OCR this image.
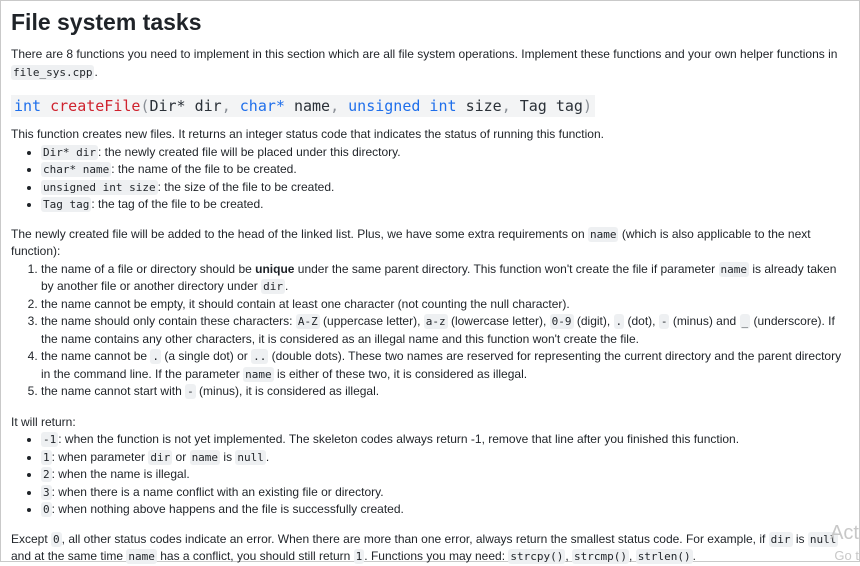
File system tasks

There are 8 functions you need to implement in this section which are all file system operations. Implement these functions and your own helper functions in file_sys.cpp .

int createFile(Dir* dir, char* name, unsigned int size, Tag tag)

This function creates new files. It returns an integer status code that indicates the status of running this function.

• Dir* dir : the newly created file will be placed under this directory.
• char* name : the name of the file to be created.
• unsigned int size : the size of the file to be created.
• Tag tag : the tag of the file to be created.

The newly created file will be added to the head of the linked list. Plus, we have some extra requirements on name (which is also applicable to the next function):

1. the name of a file or directory should be unique under the same parent directory. This function won't create the file if parameter name is already taken by another file or another directory under dir .
2. the name cannot be empty, it should contain at least one character (not counting the null character).
3. the name should only contain these characters: A-Z (uppercase letter), a-z (lowercase letter), 0-9 (digit), . (dot), - (minus) and _ (underscore). If the name contains any other characters, it is considered as an illegal name and this function won't create the file.
4. the name cannot be . (a single dot) or .. (double dots). These two names are reserved for representing the current directory and the parent directory in the command line. If the parameter name is either of these two, it is considered as illegal.
5. the name cannot start with - (minus), it is considered as illegal.

It will return:

• -1 : when the function is not yet implemented. The skeleton codes always return -1, remove that line after you finished this function.
• 1 : when parameter dir or name is null .
• 2 : when the name is illegal.
• 3 : when there is a name conflict with an existing file or directory.
• 0 : when nothing above happens and the file is successfully created.

Except 0 , all other status codes indicate an error. When there are more than one error, always return the smallest status code. For example, if dir is null and at the same time name has a conflict, you should still return 1 . Functions you may need: strcpy() , strcmp() , strlen() .

Act
Go t
